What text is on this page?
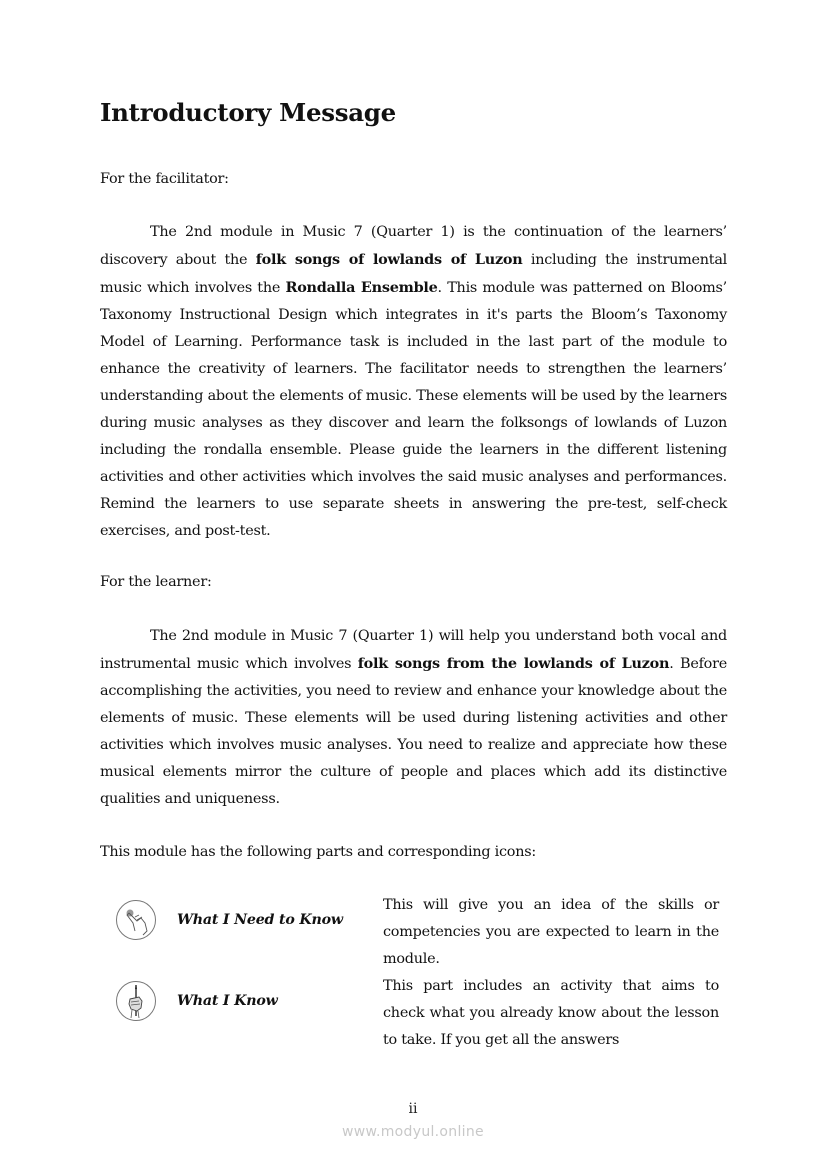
Introductory Message
For the facilitator:

The 2nd module in Music 7 (Quarter 1) is the continuation of the learners’ discovery about the folk songs of lowlands of Luzon including the instrumental music which involves the Rondalla Ensemble. This module was patterned on Blooms’ Taxonomy Instructional Design which integrates in it's parts the Bloom’s Taxonomy Model of Learning. Performance task is included in the last part of the module to enhance the creativity of learners. The facilitator needs to strengthen the learners’ understanding about the elements of music. These elements will be used by the learners during music analyses as they discover and learn the folksongs of lowlands of Luzon including the rondalla ensemble. Please guide the learners in the different listening activities and other activities which involves the said music analyses and performances. Remind the learners to use separate sheets in answering the pre-test, self-check exercises, and post-test.

For the learner:

The 2nd module in Music 7 (Quarter 1) will help you understand both vocal and instrumental music which involves folk songs from the lowlands of Luzon. Before accomplishing the activities, you need to review and enhance your knowledge about the elements of music. These elements will be used during listening activities and other activities which involves music analyses. You need to realize and appreciate how these musical elements mirror the culture of people and places which add its distinctive qualities and uniqueness.

This module has the following parts and corresponding icons:
What I Need to Know

This will give you an idea of the skills or competencies you are expected to learn in the module.

What I Know

This part includes an activity that aims to check what you already know about the lesson to take. If you get all the answers

ii
www.modyul.online
